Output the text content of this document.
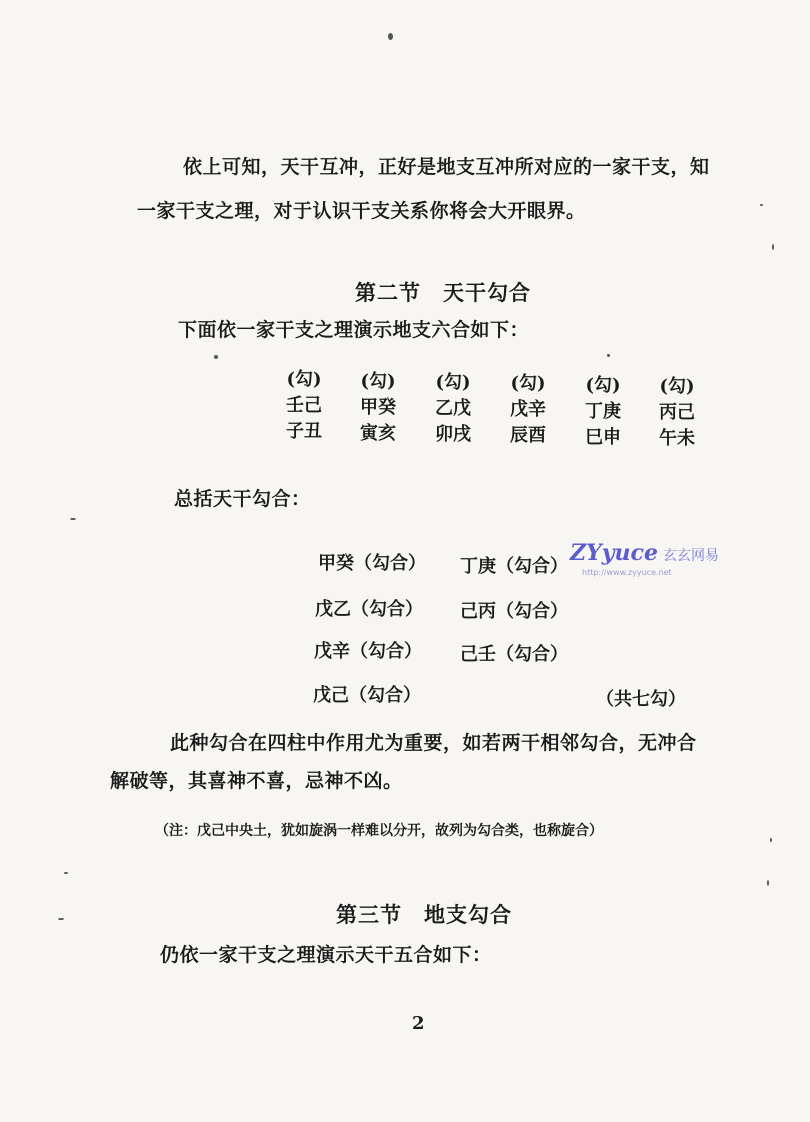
依上可知，天干互冲，正好是地支互冲所对应的一家干支，知
一家干支之理，对于认识干支关系你将会大开眼界。
第二节　天干勾合
下面依一家干支之理演示地支六合如下：
(勾)
壬己
子丑
(勾)
甲癸
寅亥
(勾)
乙戊
卯戌
(勾)
戊辛
辰酉
(勾)
丁庚
巳申
(勾)
丙己
午未
总括天干勾合：
甲癸（勾合） 丁庚（勾合）
戊乙（勾合） 己丙（勾合）
戊辛（勾合） 己壬（勾合）
戊己（勾合）	（共七勾）
此种勾合在四柱中作用尤为重要，如若两干相邻勾合，无冲合
解破等，其喜神不喜，忌神不凶。
（注：戊己中央土，犹如旋涡一样难以分开，故列为勾合类，也称旋合）
第三节　地支勾合
仍依一家干支之理演示天干五合如下：
2
ZYyuce 玄玄网易
http://www.zyyuce.net
